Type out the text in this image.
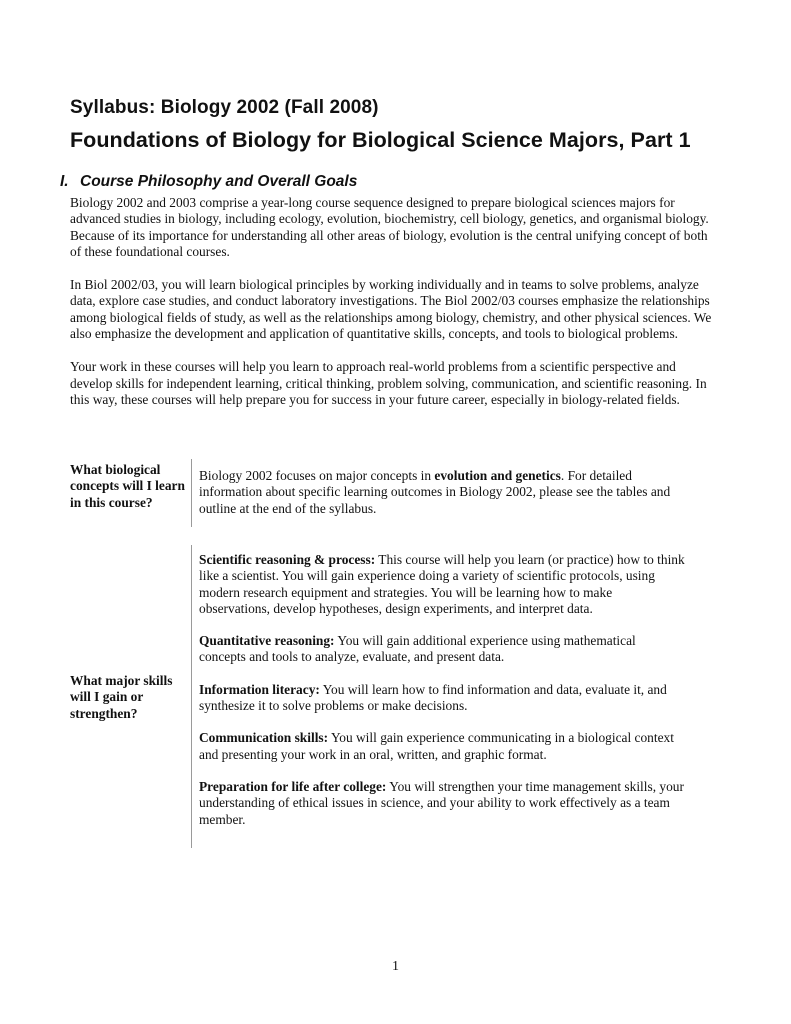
Syllabus: Biology 2002 (Fall 2008)
Foundations of Biology for Biological Science Majors, Part 1
I. Course Philosophy and Overall Goals

Biology 2002 and 2003 comprise a year-long course sequence designed to prepare biological sciences majors for advanced studies in biology, including ecology, evolution, biochemistry, cell biology, genetics, and organismal biology. Because of its importance for understanding all other areas of biology, evolution is the central unifying concept of both of these foundational courses.

In Biol 2002/03, you will learn biological principles by working individually and in teams to solve problems, analyze data, explore case studies, and conduct laboratory investigations. The Biol 2002/03 courses emphasize the relationships among biological fields of study, as well as the relationships among biology, chemistry, and other physical sciences. We also emphasize the development and application of quantitative skills, concepts, and tools to biological problems.

Your work in these courses will help you learn to approach real-world problems from a scientific perspective and develop skills for independent learning, critical thinking, problem solving, communication, and scientific reasoning. In this way, these courses will help prepare you for success in your future career, especially in biology-related fields.

What biological concepts will I learn in this course?
Biology 2002 focuses on major concepts in evolution and genetics. For detailed information about specific learning outcomes in Biology 2002, please see the tables and outline at the end of the syllabus.
What major skills will I gain or strengthen?

Scientific reasoning & process: This course will help you learn (or practice) how to think like a scientist. You will gain experience doing a variety of scientific protocols, using modern research equipment and strategies. You will be learning how to make observations, develop hypotheses, design experiments, and interpret data.

Quantitative reasoning: You will gain additional experience using mathematical concepts and tools to analyze, evaluate, and present data.

Information literacy: You will learn how to find information and data, evaluate it, and synthesize it to solve problems or make decisions.

Communication skills: You will gain experience communicating in a biological context and presenting your work in an oral, written, and graphic format.

Preparation for life after college: You will strengthen your time management skills, your understanding of ethical issues in science, and your ability to work effectively as a team member.

1
